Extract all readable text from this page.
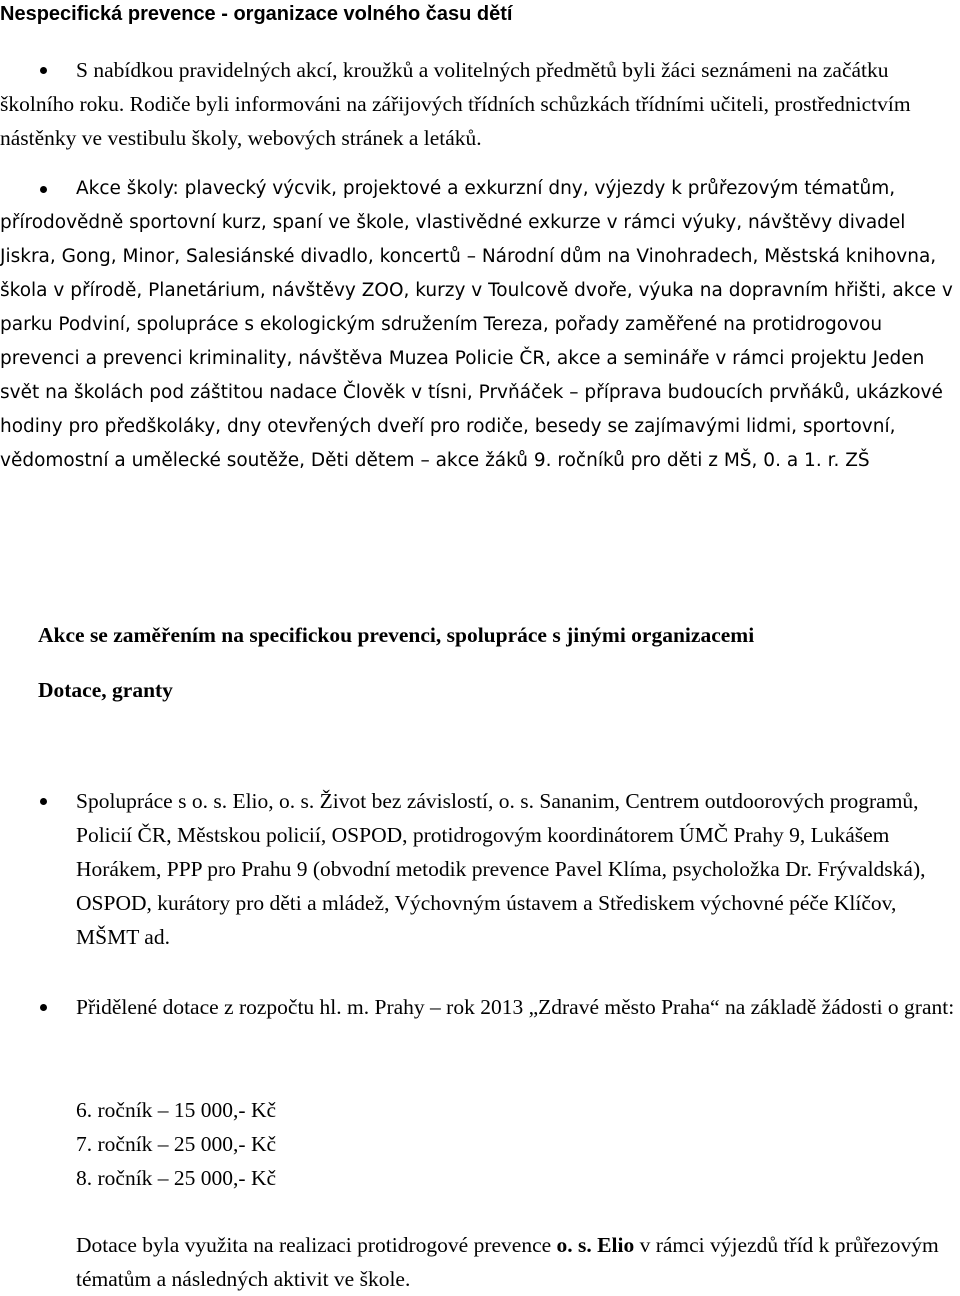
Nespecifická prevence - organizace volného času dětí

S nabídkou pravidelných akcí, kroužků a volitelných předmětů byli žáci seznámeni na začátku školního roku. Rodiče byli informováni na zářijových třídních schůzkách třídními učiteli, prostřednictvím nástěnky ve vestibulu školy, webových stránek a letáků.

Akce školy: plavecký výcvik, projektové a exkurzní dny, výjezdy k průřezovým tématům, přírodovědně sportovní kurz, spaní ve škole, vlastivědné exkurze v rámci výuky, návštěvy divadel Jiskra, Gong, Minor, Salesiánské divadlo, koncertů – Národní dům na Vinohradech, Městská knihovna, škola v přírodě, Planetárium, návštěvy ZOO, kurzy v Toulcově dvoře, výuka na dopravním hřišti, akce v parku Podviní, spolupráce s ekologickým sdružením Tereza, pořady zaměřené na protidrogovou prevenci a prevenci kriminality, návštěva Muzea Policie ČR, akce a semináře v rámci projektu Jeden svět na školách pod záštitou nadace Člověk v tísni, Prvňáček – příprava budoucích prvňáků, ukázkové hodiny pro předškoláky, dny otevřených dveří pro rodiče, besedy se zajímavými lidmi, sportovní, vědomostní a umělecké soutěže, Děti dětem – akce žáků 9. ročníků pro děti z MŠ, 0. a 1. r. ZŠ

Akce se zaměřením na specifickou prevenci, spolupráce s jinými organizacemi

Dotace, granty

Spolupráce s o. s. Elio, o. s. Život bez závislostí, o. s. Sananim, Centrem outdoorových programů, Policií ČR, Městskou policií, OSPOD, protidrogovým koordinátorem ÚMČ Prahy 9, Lukášem Horákem, PPP pro Prahu 9 (obvodní metodik prevence Pavel Klíma, psycholožka Dr. Frývaldská), OSPOD, kurátory pro děti a mládež, Výchovným ústavem a Střediskem výchovné péče Klíčov, MŠMT ad.

Přidělené dotace z rozpočtu hl. m. Prahy – rok 2013 „Zdravé město Praha“ na základě žádosti o grant:

6. ročník – 15 000,- Kč

7. ročník – 25 000,- Kč

8. ročník – 25 000,- Kč

Dotace byla využita na realizaci protidrogové prevence o. s. Elio v rámci výjezdů tříd k průřezovým tématům a následných aktivit ve škole.
